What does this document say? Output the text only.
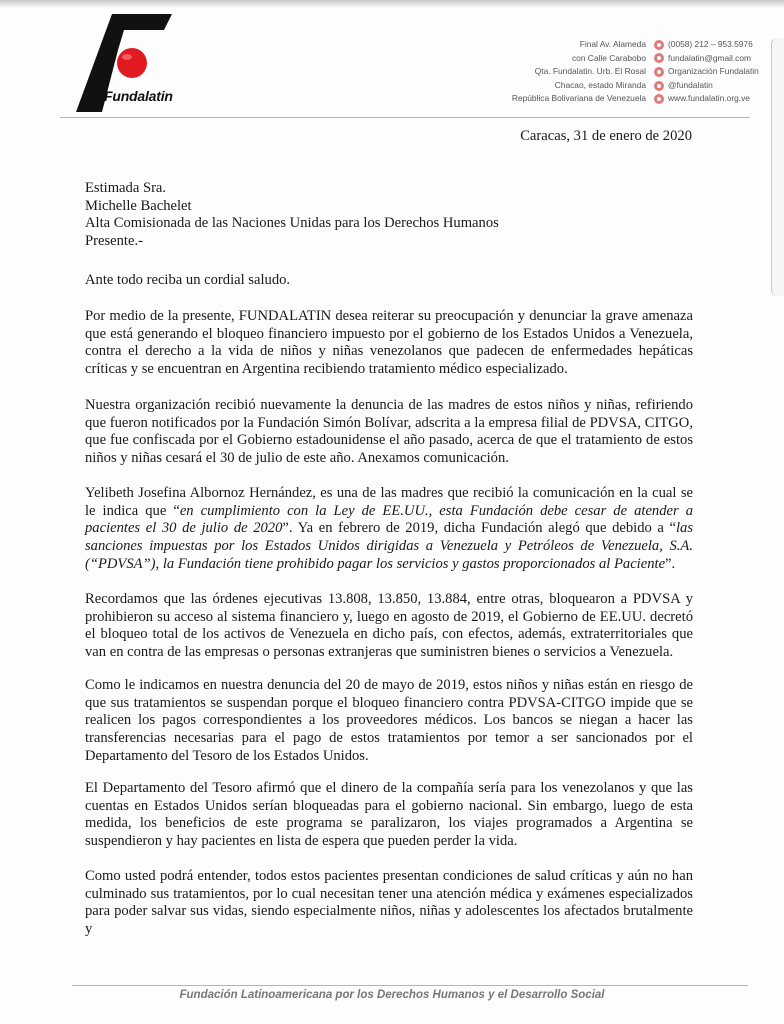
Fundalatin
Final Av. Alameda
con Calle Carabobo
Qta. Fundalatin. Urb. El Rosal
Chacao, estado Miranda
República Bolivariana de Venezuela
(0058) 212 – 953.5976
fundalatin@gmail.com
Organización Fundalatin
@fundalatin
www.fundalatin.org.ve
Caracas, 31 de enero de 2020
Estimada Sra.
Michelle Bachelet
Alta Comisionada de las Naciones Unidas para los Derechos Humanos
Presente.-
Ante todo reciba un cordial saludo.
Por medio de la presente, FUNDALATIN desea reiterar su preocupación y denunciar la grave amenaza que está generando el bloqueo financiero impuesto por el gobierno de los Estados Unidos a Venezuela, contra el derecho a la vida de niños y niñas venezolanos que padecen de enfermedades hepáticas críticas y se encuentran en Argentina recibiendo tratamiento médico especializado.
Nuestra organización recibió nuevamente la denuncia de las madres de estos niños y niñas, refiriendo que fueron notificados por la Fundación Simón Bolívar, adscrita a la empresa filial de PDVSA, CITGO, que fue confiscada por el Gobierno estadounidense el año pasado, acerca de que el tratamiento de estos niños y niñas cesará el 30 de julio de este año. Anexamos comunicación.
Yelibeth Josefina Albornoz Hernández, es una de las madres que recibió la comunicación en la cual se le indica que “en cumplimiento con la Ley de EE.UU., esta Fundación debe cesar de atender a pacientes el 30 de julio de 2020”. Ya en febrero de 2019, dicha Fundación alegó que debido a “las sanciones impuestas por los Estados Unidos dirigidas a Venezuela y Petróleos de Venezuela, S.A. (“PDVSA”), la Fundación tiene prohibido pagar los servicios y gastos proporcionados al Paciente”.
Recordamos que las órdenes ejecutivas 13.808, 13.850, 13.884, entre otras, bloquearon a PDVSA y prohibieron su acceso al sistema financiero y, luego en agosto de 2019, el Gobierno de EE.UU. decretó el bloqueo total de los activos de Venezuela en dicho país, con efectos, además, extraterritoriales que van en contra de las empresas o personas extranjeras que suministren bienes o servicios a Venezuela.
Como le indicamos en nuestra denuncia del 20 de mayo de 2019, estos niños y niñas están en riesgo de que sus tratamientos se suspendan porque el bloqueo financiero contra PDVSA-CITGO impide que se realicen los pagos correspondientes a los proveedores médicos. Los bancos se niegan a hacer las transferencias necesarias para el pago de estos tratamientos por temor a ser sancionados por el Departamento del Tesoro de los Estados Unidos.
El Departamento del Tesoro afirmó que el dinero de la compañía sería para los venezolanos y que las cuentas en Estados Unidos serían bloqueadas para el gobierno nacional. Sin embargo, luego de esta medida, los beneficios de este programa se paralizaron, los viajes programados a Argentina se suspendieron y hay pacientes en lista de espera que pueden perder la vida.
Como usted podrá entender, todos estos pacientes presentan condiciones de salud críticas y aún no han culminado sus tratamientos, por lo cual necesitan tener una atención médica y exámenes especializados para poder salvar sus vidas, siendo especialmente niños, niñas y adolescentes los afectados brutalmente y
Fundación Latinoamericana por los Derechos Humanos y el Desarrollo Social
